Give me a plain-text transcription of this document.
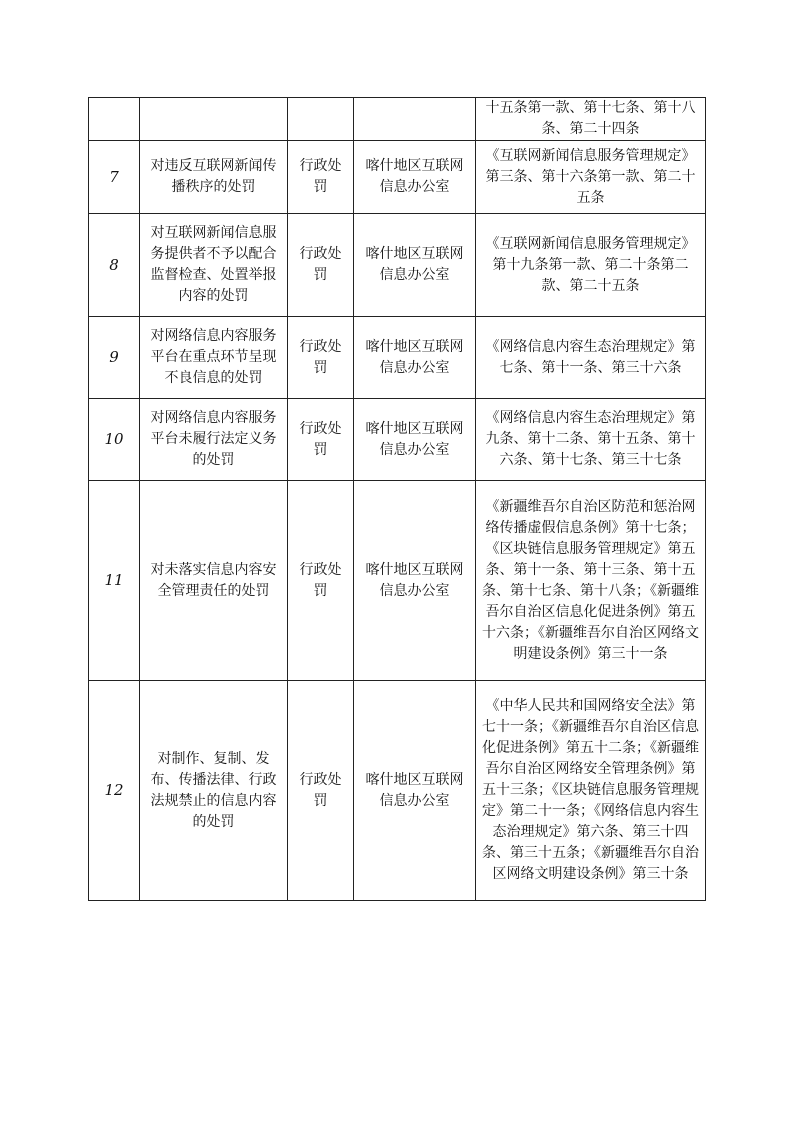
				十五条第一款、第十七条、第十八条、第二十四条
7	对违反互联网新闻传播秩序的处罚	行政处罚	喀什地区互联网信息办公室	《互联网新闻信息服务管理规定》第三条、第十六条第一款、第二十五条
8	对互联网新闻信息服务提供者不予以配合监督检查、处置举报内容的处罚	行政处罚	喀什地区互联网信息办公室	《互联网新闻信息服务管理规定》第十九条第一款、第二十条第二款、第二十五条
9	对网络信息内容服务平台在重点环节呈现不良信息的处罚	行政处罚	喀什地区互联网信息办公室	《网络信息内容生态治理规定》第七条、第十一条、第三十六条
10	对网络信息内容服务平台未履行法定义务的处罚	行政处罚	喀什地区互联网信息办公室	《网络信息内容生态治理规定》第九条、第十二条、第十五条、第十六条、第十七条、第三十七条
11	对未落实信息内容安全管理责任的处罚	行政处罚	喀什地区互联网信息办公室	《新疆维吾尔自治区防范和惩治网络传播虚假信息条例》第十七条；《区块链信息服务管理规定》第五条、第十一条、第十三条、第十五条、第十七条、第十八条；《新疆维吾尔自治区信息化促进条例》第五十六条；《新疆维吾尔自治区网络文明建设条例》第三十一条
12	对制作、复制、发布、传播法律、行政法规禁止的信息内容的处罚	行政处罚	喀什地区互联网信息办公室	《中华人民共和国网络安全法》第七十一条；《新疆维吾尔自治区信息化促进条例》第五十二条；《新疆维吾尔自治区网络安全管理条例》第五十三条；《区块链信息服务管理规定》第二十一条；《网络信息内容生态治理规定》第六条、第三十四条、第三十五条；《新疆维吾尔自治区网络文明建设条例》第三十条
